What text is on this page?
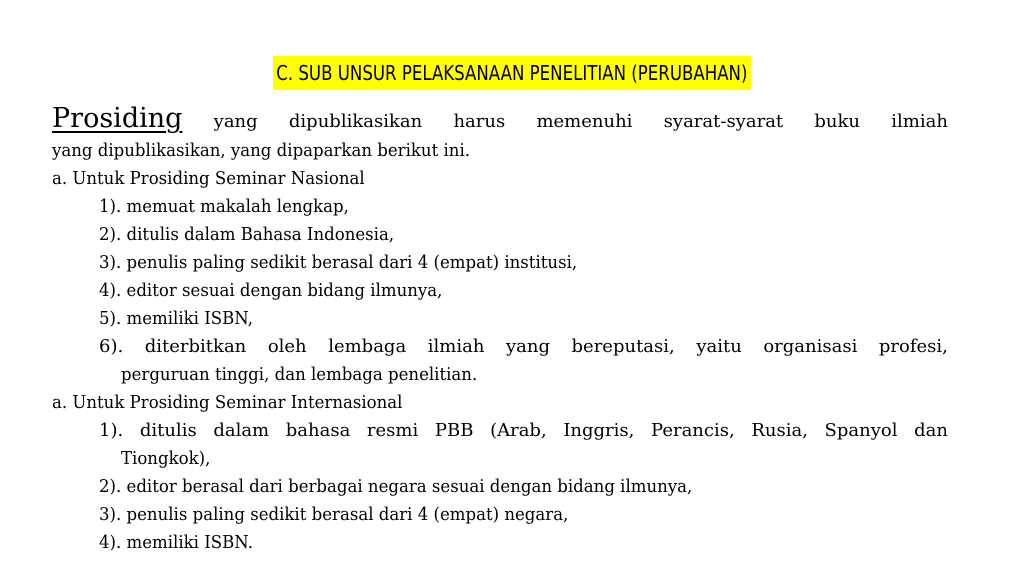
C. SUB UNSUR PELAKSANAAN PENELITIAN (PERUBAHAN)
Prosiding yang dipublikasikan harus memenuhi syarat-syarat buku ilmiah
yang dipublikasikan, yang dipaparkan berikut ini.
a. Untuk Prosiding Seminar Nasional
1). memuat makalah lengkap,
2). ditulis dalam Bahasa Indonesia,
3). penulis paling sedikit berasal dari 4 (empat) institusi,
4). editor sesuai dengan bidang ilmunya,
5). memiliki ISBN,
6). diterbitkan oleh lembaga ilmiah yang bereputasi, yaitu organisasi profesi,
perguruan tinggi, dan lembaga penelitian.
a. Untuk Prosiding Seminar Internasional
1). ditulis dalam bahasa resmi PBB (Arab, Inggris, Perancis, Rusia, Spanyol dan
Tiongkok),
2). editor berasal dari berbagai negara sesuai dengan bidang ilmunya,
3). penulis paling sedikit berasal dari 4 (empat) negara,
4). memiliki ISBN.
